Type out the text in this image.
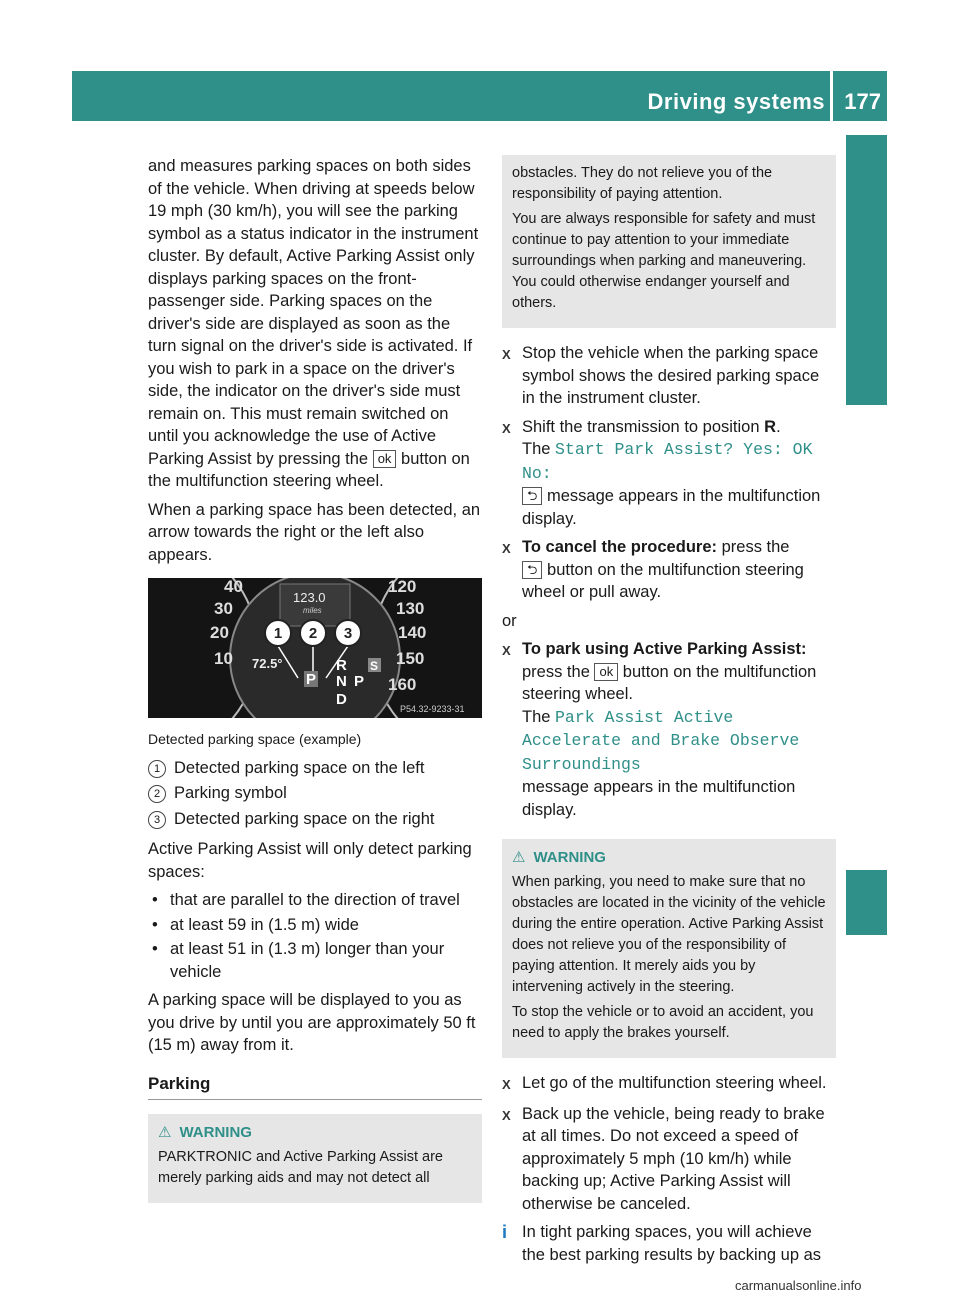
Driving systems 177
Driving and parking

and measures parking spaces on both sides of the vehicle. When driving at speeds below 19 mph (30 km/h), you will see the parking symbol as a status indicator in the instrument cluster. By default, Active Parking Assist only displays parking spaces on the front-passenger side. Parking spaces on the driver's side are displayed as soon as the turn signal on the driver's side is activated. If you wish to park in a space on the driver's side, the indicator on the driver's side must remain on. This must remain switched on until you acknowledge the use of Active Parking Assist by pressing the ok button on the multifunction steering wheel.

When a parking space has been detected, an arrow towards the right or the left also appears.

40
30
20
10
120
130
140
150
160
123.0
miles
72.5°
P
R
N
D
P
S
1 2 3
P54.32-9233-31

Detected parking space (example)

1 Detected parking space on the left
2 Parking symbol
3 Detected parking space on the right

Active Parking Assist will only detect parking spaces:

• that are parallel to the direction of travel
• at least 59 in (1.5 m) wide
• at least 51 in (1.3 m) longer than your vehicle

A parking space will be displayed to you as you drive by until you are approximately 50 ft (15 m) away from it.

Parking
⚠ WARNING

PARKTRONIC and Active Parking Assist are merely parking aids and may not detect all

obstacles. They do not relieve you of the responsibility of paying attention.

You are always responsible for safety and must continue to pay attention to your immediate surroundings when parking and maneuvering. You could otherwise endanger yourself and others.

X Stop the vehicle when the parking space symbol shows the desired parking space in the instrument cluster.
X Shift the transmission to position R.
The Start Park Assist? Yes: OK No:
⮌ message appears in the multifunction display.
X To cancel the procedure: press the
⮌ button on the multifunction steering wheel or pull away.

or

X To park using Active Parking Assist:
press the ok button on the multifunction steering wheel.
The Park Assist Active Accelerate and Brake Observe Surroundings
message appears in the multifunction display.
⚠ WARNING

When parking, you need to make sure that no obstacles are located in the vicinity of the vehicle during the entire operation. Active Parking Assist does not relieve you of the responsibility of paying attention. It merely aids you by intervening actively in the steering.

To stop the vehicle or to avoid an accident, you need to apply the brakes yourself.

X Let go of the multifunction steering wheel.
X Back up the vehicle, being ready to brake at all times. Do not exceed a speed of approximately 5 mph (10 km/h) while backing up; Active Parking Assist will otherwise be canceled.
i In tight parking spaces, you will achieve the best parking results by backing up as
carmanualsonline.info
